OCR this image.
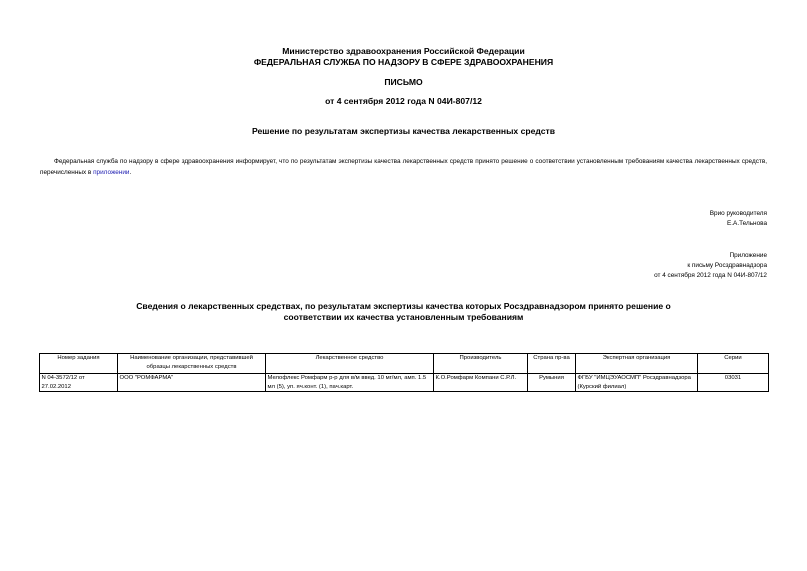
Министерство здравоохранения Российской Федерации
ФЕДЕРАЛЬНАЯ СЛУЖБА ПО НАДЗОРУ В СФЕРЕ ЗДРАВООХРАНЕНИЯ
ПИСЬМО
от 4 сентября 2012 года N 04И-807/12
Решение по результатам экспертизы качества лекарственных средств
Федеральная служба по надзору в сфере здравоохранения информирует, что по результатам экспертизы качества лекарственных средств принято решение о соответствии установленным требованиям качества лекарственных средств, перечисленных в приложении.
Врио руководителя
Е.А.Тельнова
Приложение
к письму Росздравнадзора
от 4 сентября 2012 года N 04И-807/12
Сведения о лекарственных средствах, по результатам экспертизы качества которых Росздравнадзором принято решение о соответствии их качества установленным требованиям
Номер задания	Наименование организации, представившей образцы лекарственных средств	Лекарственное средство	Производитель	Страна пр-ва	Экспертная организация	Серии
N 04-3572/12 от 27.02.2012	ООО "РОМФАРМА"	Мелофлекс Ромфарм р-р для в/м введ. 10 мг/мл, амп. 1.5 мл (5), уп. яч.конт. (1), пач.карт.	К.О.Ромфарм Компани С.Р.Л.	Румыния	ФГБУ "ИМЦЭУАОСМП" Росздравнадзора (Курский филиал)	03031
